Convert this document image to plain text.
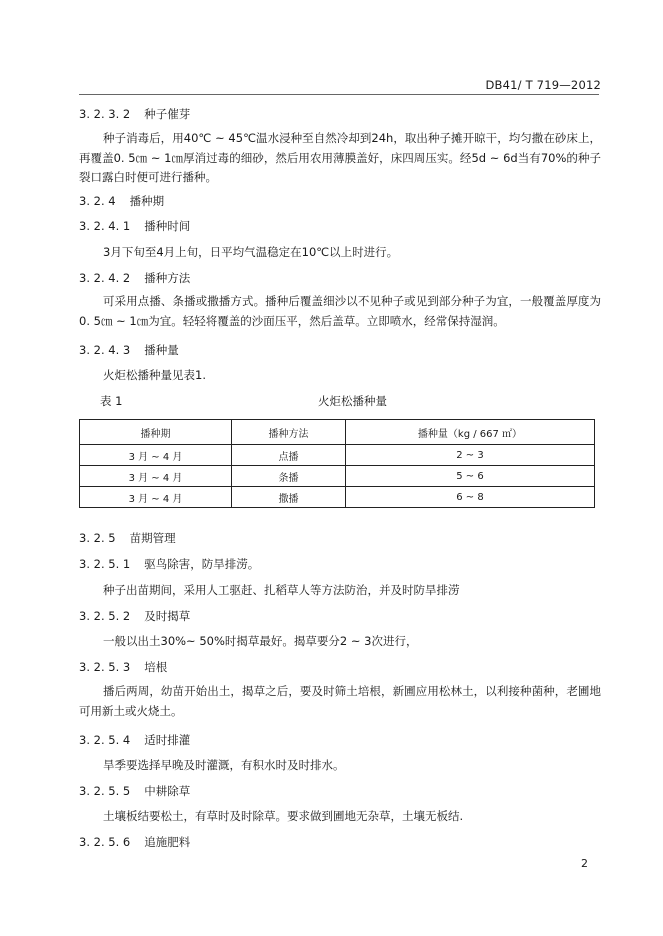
DB41/ T 719—2012
3. 2. 3. 2 种子催芽
种子消毒后，用40℃ ~ 45℃温水浸种至自然冷却到24h，取出种子摊开晾干，均匀撒在砂床上，再覆盖0. 5㎝ ~ 1㎝厚消过毒的细砂，然后用农用薄膜盖好，床四周压实。经5d ~ 6d当有70%的种子裂口露白时便可进行播种。
3. 2. 4 播种期
3. 2. 4. 1 播种时间
3月下旬至4月上旬，日平均气温稳定在10℃以上时进行。
3. 2. 4. 2 播种方法
可采用点播、条播或撒播方式。播种后覆盖细沙以不见种子或见到部分种子为宜，一般覆盖厚度为0. 5㎝ ~ 1㎝为宜。轻轻将覆盖的沙面压平，然后盖草。立即喷水，经常保持湿润。
3. 2. 4. 3 播种量
火炬松播种量见表1.
表 1	火炬松播种量
播种期	播种方法	播种量（kg / 667 ㎡）
3 月 ~ 4 月	点播	2 ~ 3
3 月 ~ 4 月	条播	5 ~ 6
3 月 ~ 4 月	撒播	6 ~ 8
3. 2. 5 苗期管理
3. 2. 5. 1 驱鸟除害，防旱排涝。
种子出苗期间，采用人工驱赶、扎稻草人等方法防治，并及时防旱排涝
3. 2. 5. 2 及时揭草
一般以出土30%~ 50%时揭草最好。揭草要分2 ~ 3次进行，
3. 2. 5. 3 培根
播后两周，幼苗开始出土，揭草之后，要及时筛土培根，新圃应用松林土，以利接种菌种，老圃地可用新土或火烧土。
3. 2. 5. 4 适时排灌
旱季要选择早晚及时灌溉，有积水时及时排水。
3. 2. 5. 5 中耕除草
土壤板结要松土，有草时及时除草。要求做到圃地无杂草，土壤无板结.
3. 2. 5. 6 追施肥料
2
